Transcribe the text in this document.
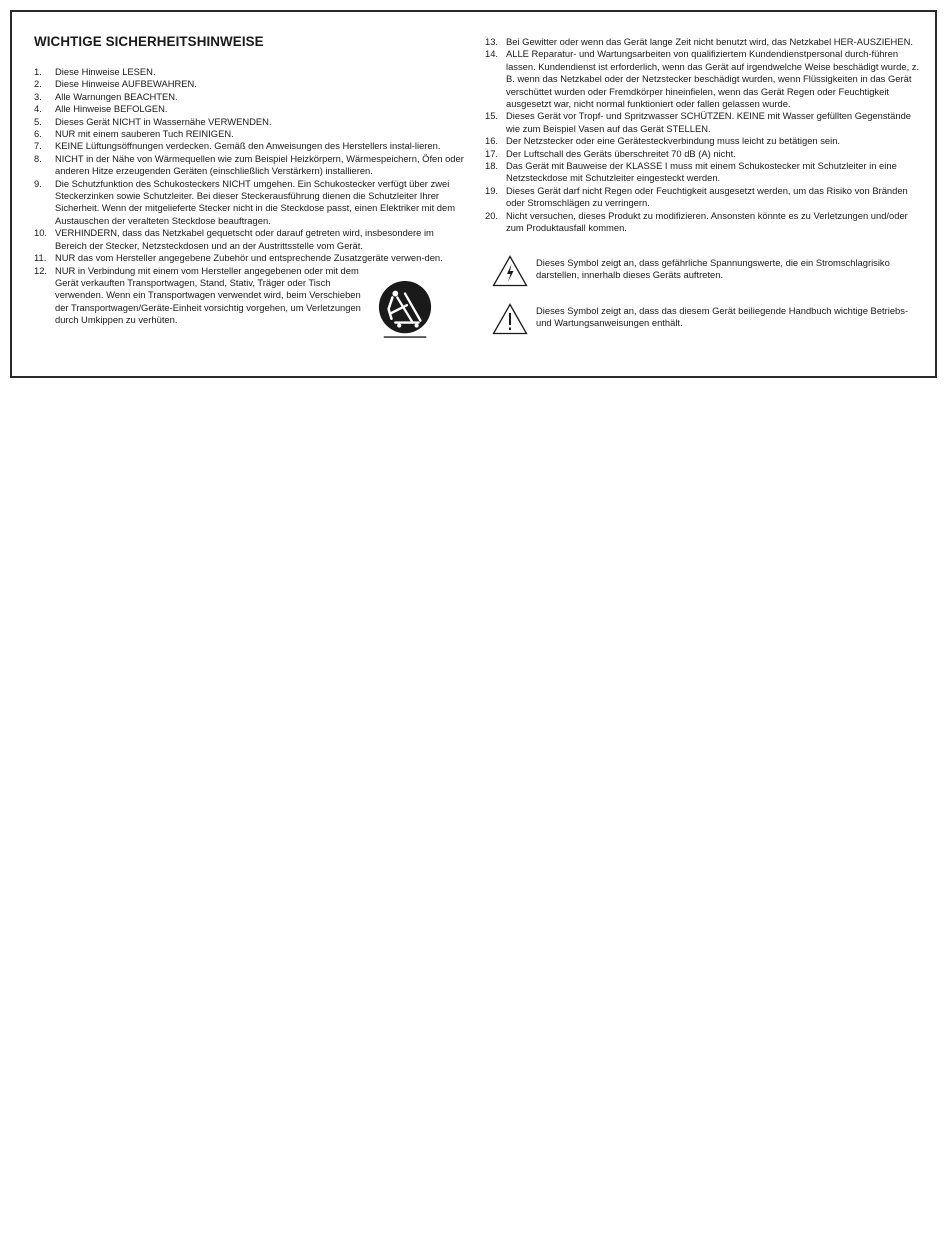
WICHTIGE SICHERHEITSHINWEISE
1. Diese Hinweise LESEN.
2. Diese Hinweise AUFBEWAHREN.
3. Alle Warnungen BEACHTEN.
4. Alle Hinweise BEFOLGEN.
5. Dieses Gerät NICHT in Wassernähe VERWENDEN.
6. NUR mit einem sauberen Tuch REINIGEN.
7. KEINE Lüftungsöffnungen verdecken. Gemäß den Anweisungen des Herstellers instal-lieren.
8. NICHT in der Nähe von Wärmequellen wie zum Beispiel Heizkörpern, Wärmespeichern, Öfen oder anderen Hitze erzeugenden Geräten (einschließlich Verstärkern) installieren.
9. Die Schutzfunktion des Schukosteckers NICHT umgehen. Ein Schukostecker verfügt über zwei Steckerzinken sowie Schutzleiter. Bei dieser Steckerausführung dienen die Schutzleiter Ihrer Sicherheit. Wenn der mitgelieferte Stecker nicht in die Steckdose passt, einen Elektriker mit dem Austauschen der veralteten Steckdose beauftragen.
10. VERHINDERN, dass das Netzkabel gequetscht oder darauf getreten wird, insbesondere im Bereich der Stecker, Netzsteckdosen und an der Austrittsstelle vom Gerät.
11. NUR das vom Hersteller angegebene Zubehör und entsprechende Zusatzgeräte verwen-den.
12. NUR in Verbindung mit einem vom Hersteller angegebenen oder mit dem Gerät verkauften Transportwagen, Stand, Stativ, Träger oder Tisch verwenden. Wenn ein Transportwagen verwendet wird, beim Verschieben der Transportwagen/Geräte-Einheit vorsichtig vorgehen, um Verletzungen durch Umkippen zu verhüten.
13. Bei Gewitter oder wenn das Gerät lange Zeit nicht benutzt wird, das Netzkabel HER-AUSZIEHEN.
14. ALLE Reparatur- und Wartungsarbeiten von qualifiziertem Kundendienstpersonal durch-führen lassen. Kundendienst ist erforderlich, wenn das Gerät auf irgendwelche Weise beschädigt wurde, z. B. wenn das Netzkabel oder der Netzstecker beschädigt wurden, wenn Flüssigkeiten in das Gerät verschüttet wurden oder Fremdkörper hineinfielen, wenn das Gerät Regen oder Feuchtigkeit ausgesetzt war, nicht normal funktioniert oder fallen gelassen wurde.
15. Dieses Gerät vor Tropf- und Spritzwasser SCHÜTZEN. KEINE mit Wasser gefüllten Gegenstände wie zum Beispiel Vasen auf das Gerät STELLEN.
16. Der Netzstecker oder eine Gerätesteckverbindung muss leicht zu betätigen sein.
17. Der Luftschall des Geräts überschreitet 70 dB (A) nicht.
18. Das Gerät mit Bauweise der KLASSE I muss mit einem Schukostecker mit Schutzleiter in eine Netzsteckdose mit Schutzleiter eingesteckt werden.
19. Dieses Gerät darf nicht Regen oder Feuchtigkeit ausgesetzt werden, um das Risiko von Bränden oder Stromschlägen zu verringern.
20. Nicht versuchen, dieses Produkt zu modifizieren. Ansonsten könnte es zu Verletzungen und/oder zum Produktausfall kommen.
Dieses Symbol zeigt an, dass gefährliche Spannungswerte, die ein Stromschlagrisiko darstellen, innerhalb dieses Geräts auftreten.
Dieses Symbol zeigt an, dass das diesem Gerät beiliegende Handbuch wichtige Betriebs- und Wartungsanweisungen enthält.
